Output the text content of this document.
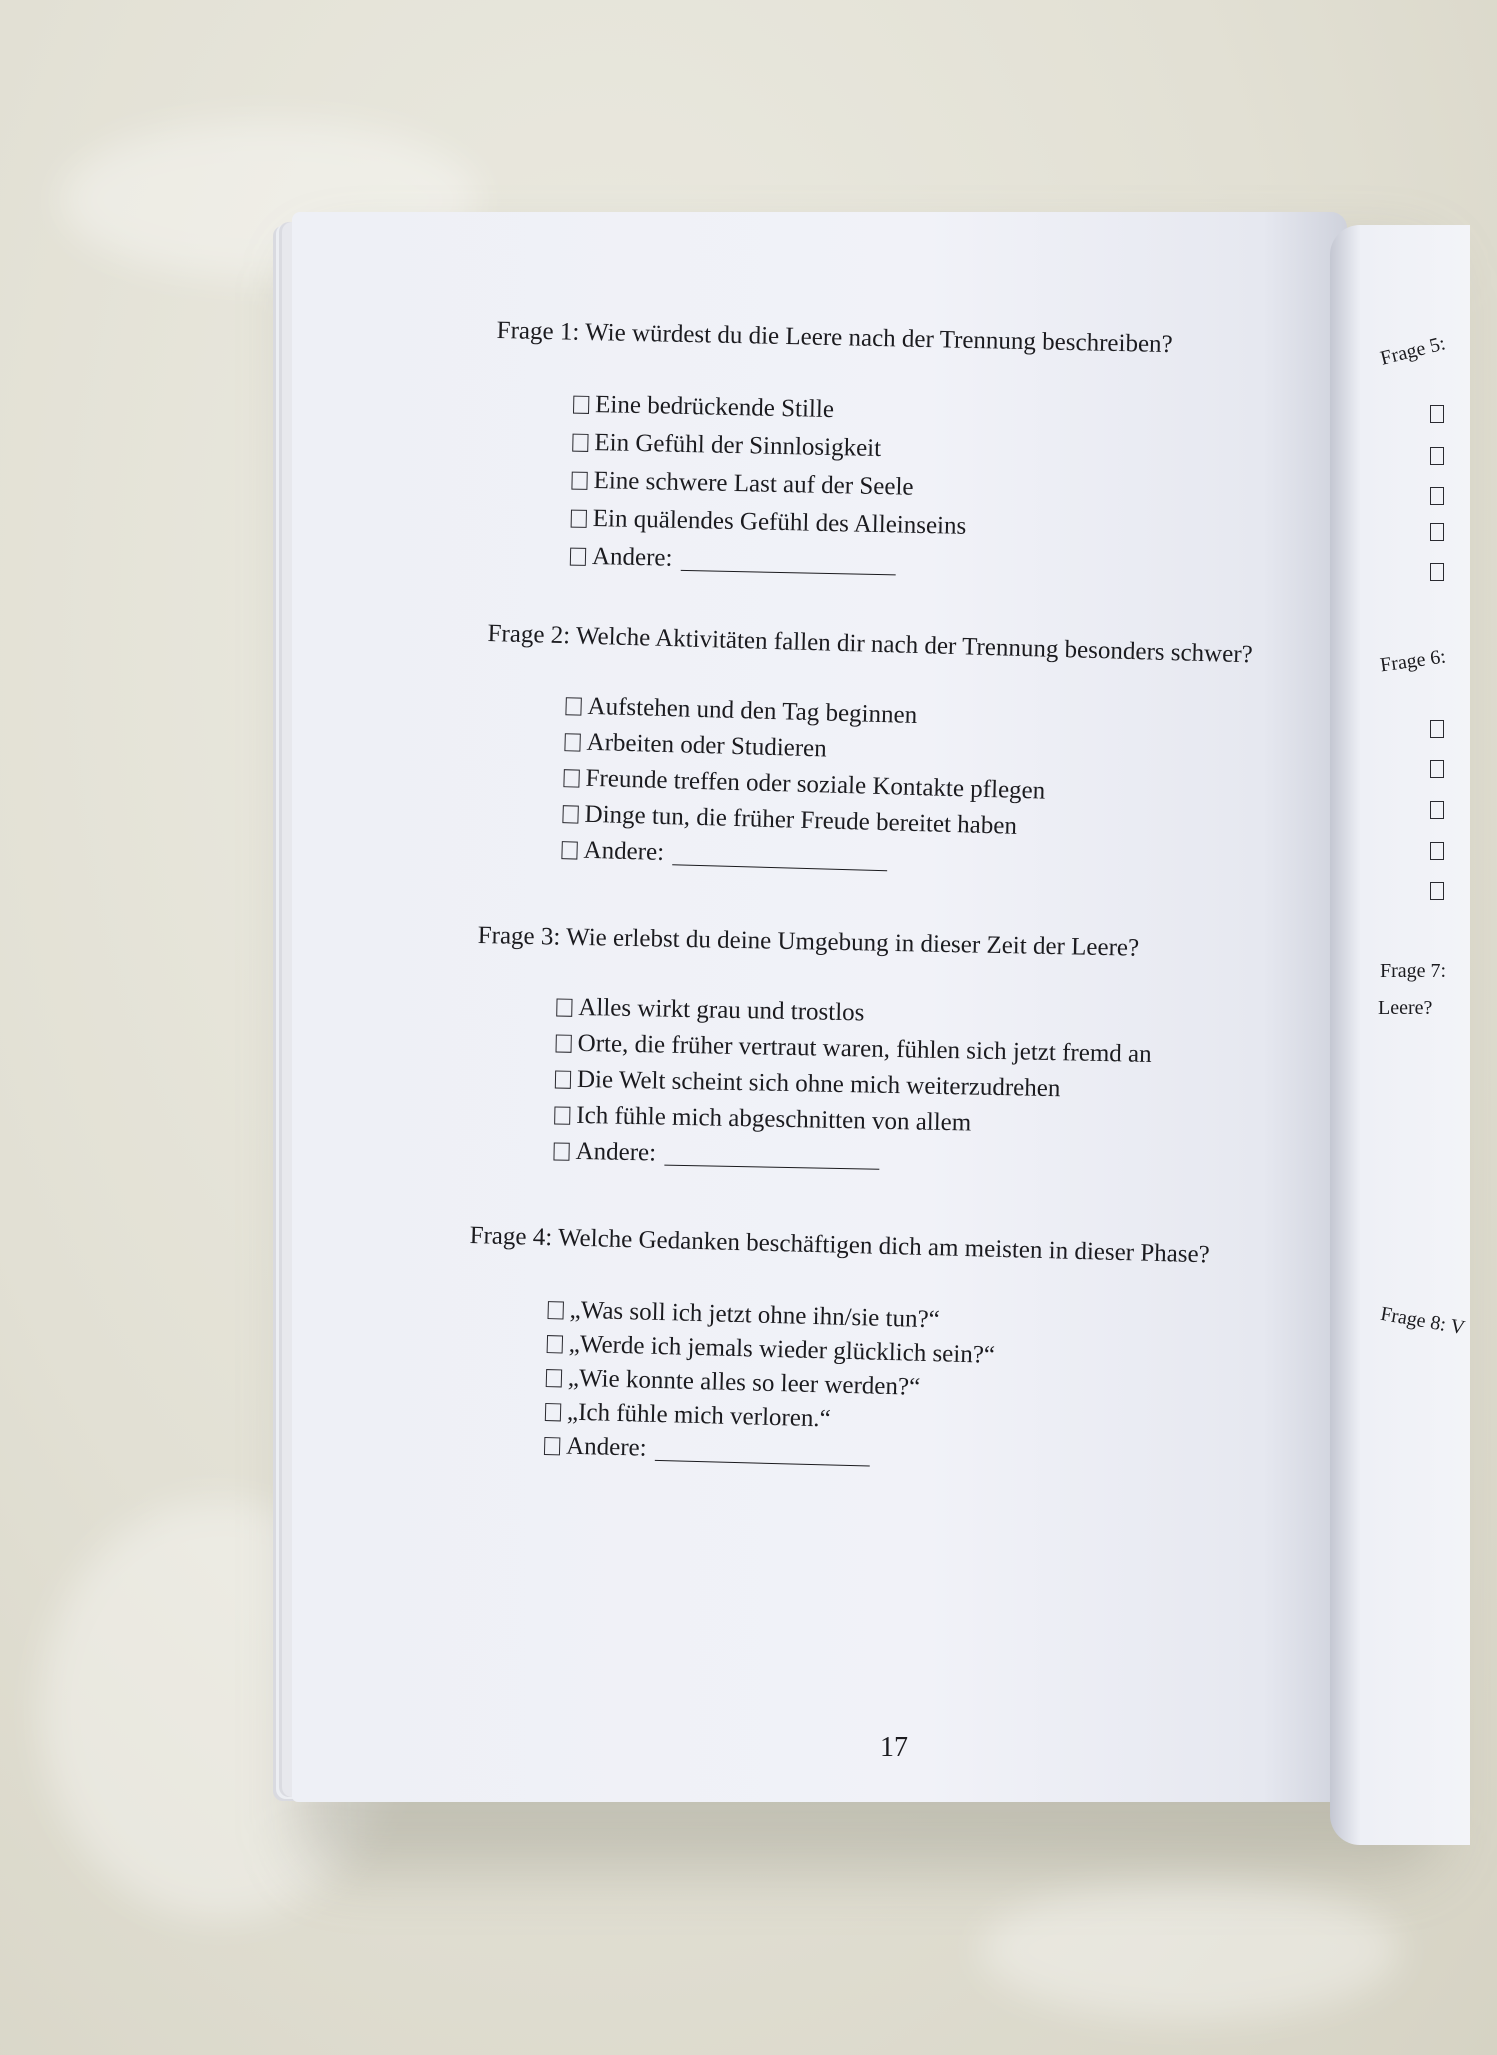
Frage 1: Wie würdest du die Leere nach der Trennung beschreiben?
Eine bedrückende Stille
Ein Gefühl der Sinnlosigkeit
Eine schwere Last auf der Seele
Ein quälendes Gefühl des Alleinseins
Andere:
Frage 2: Welche Aktivitäten fallen dir nach der Trennung besonders schwer?
Aufstehen und den Tag beginnen
Arbeiten oder Studieren
Freunde treffen oder soziale Kontakte pflegen
Dinge tun, die früher Freude bereitet haben
Andere:
Frage 3: Wie erlebst du deine Umgebung in dieser Zeit der Leere?
Alles wirkt grau und trostlos
Orte, die früher vertraut waren, fühlen sich jetzt fremd an
Die Welt scheint sich ohne mich weiterzudrehen
Ich fühle mich abgeschnitten von allem
Andere:
Frage 4: Welche Gedanken beschäftigen dich am meisten in dieser Phase?
„Was soll ich jetzt ohne ihn/sie tun?“
„Werde ich jemals wieder glücklich sein?“
„Wie konnte alles so leer werden?“
„Ich fühle mich verloren.“
Andere:
17
Frage 5:
Frage 6:
Frage 7:
Leere?
Frage 8: V
